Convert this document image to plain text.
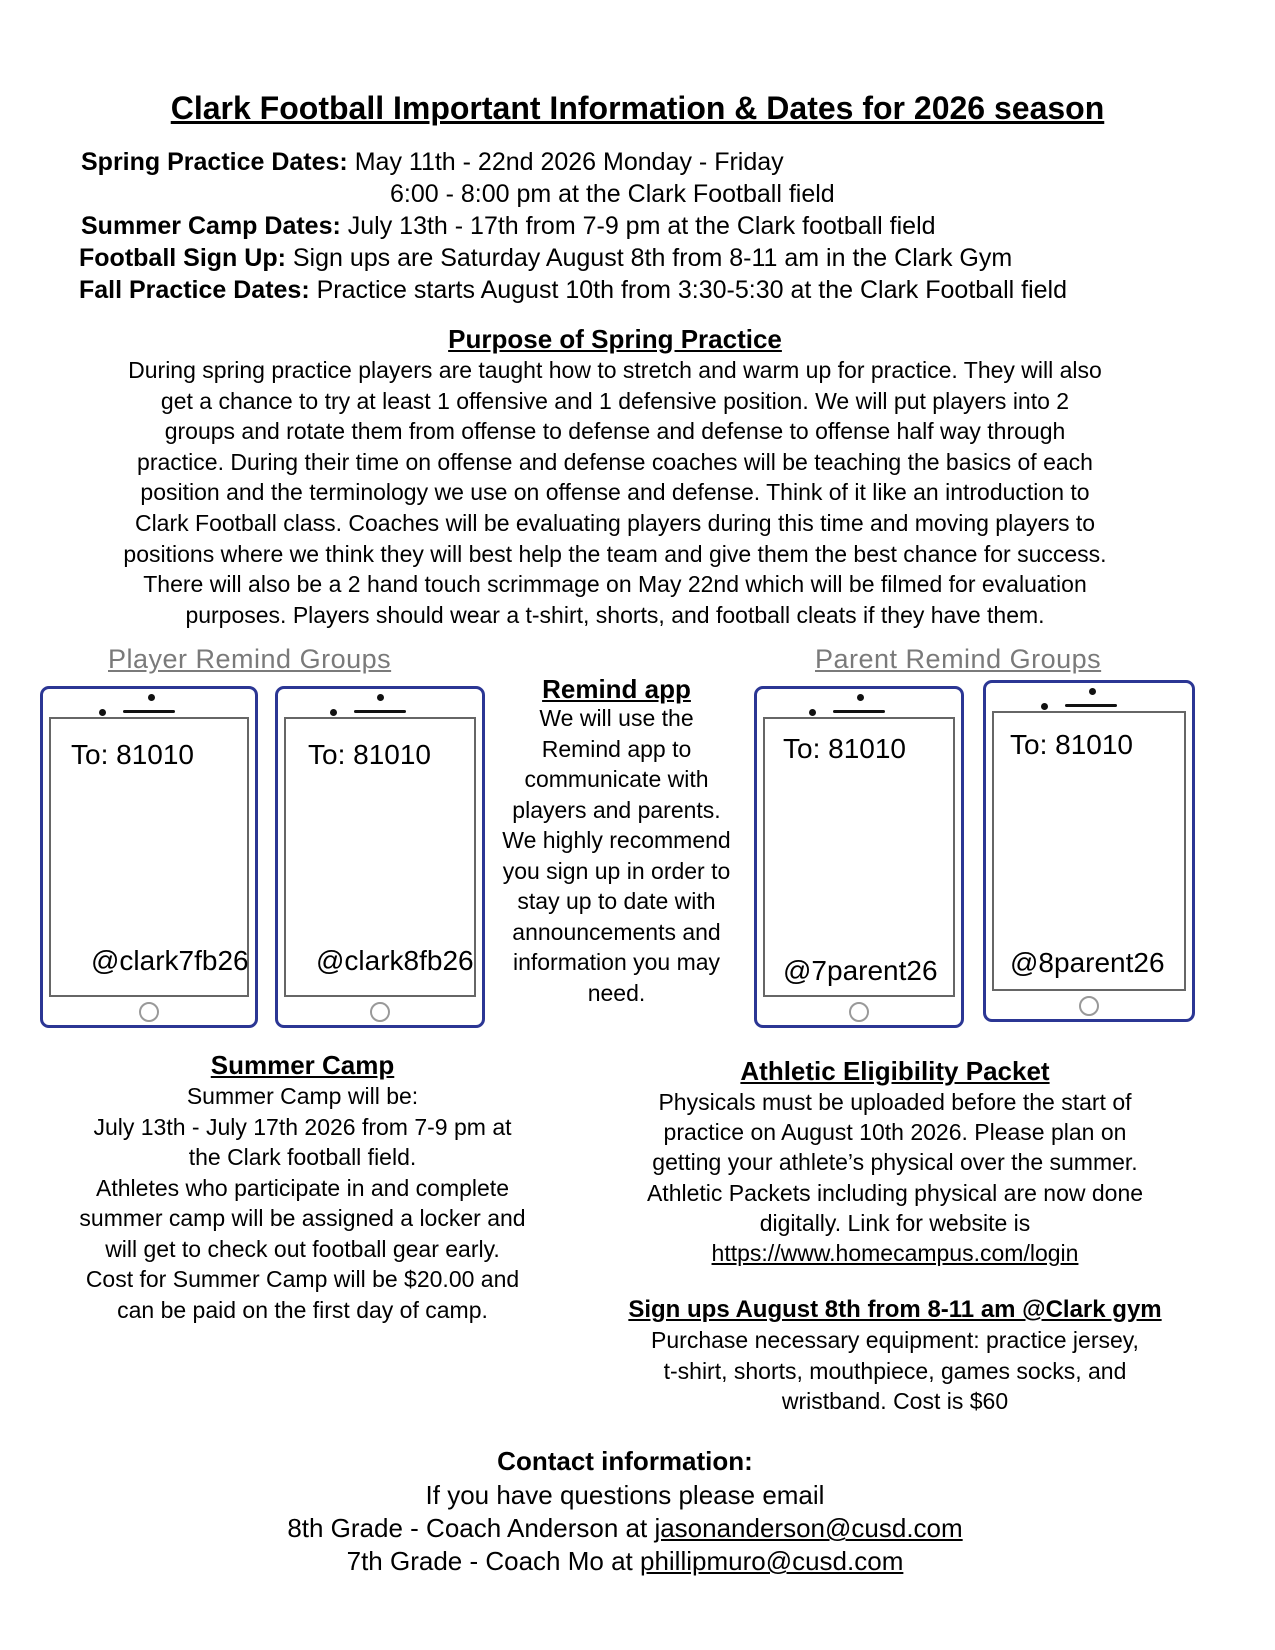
Clark Football Important Information & Dates for 2026 season
Spring Practice Dates: May 11th - 22nd 2026 Monday - Friday
6:00 - 8:00 pm at the Clark Football field
Summer Camp Dates: July 13th - 17th from 7-9 pm at the Clark football field
Football Sign Up: Sign ups are Saturday August 8th from 8-11 am in the Clark Gym
Fall Practice Dates: Practice starts August 10th from 3:30-5:30 at the Clark Football field
Purpose of Spring Practice
During spring practice players are taught how to stretch and warm up for practice. They will also
get a chance to try at least 1 offensive and 1 defensive position. We will put players into 2
groups and rotate them from offense to defense and defense to offense half way through
practice. During their time on offense and defense coaches will be teaching the basics of each
position and the terminology we use on offense and defense. Think of it like an introduction to
Clark Football class. Coaches will be evaluating players during this time and moving players to
positions where we think they will best help the team and give them the best chance for success.
There will also be a 2 hand touch scrimmage on May 22nd which will be filmed for evaluation
purposes. Players should wear a t-shirt, shorts, and football cleats if they have them.
Player Remind Groups	Parent Remind Groups
To: 81010
@clark7fb26
To: 81010
@clark8fb26
Remind app
We will use the
Remind app to
communicate with
players and parents.
We highly recommend
you sign up in order to
stay up to date with
announcements and
information you may
need.
To: 81010
@7parent26
To: 81010
@8parent26
Summer Camp
Summer Camp will be:
July 13th - July 17th 2026 from 7-9 pm at
the Clark football field.
Athletes who participate in and complete
summer camp will be assigned a locker and
will get to check out football gear early.
Cost for Summer Camp will be $20.00 and
can be paid on the first day of camp.
Athletic Eligibility Packet
Physicals must be uploaded before the start of
practice on August 10th 2026. Please plan on
getting your athlete’s physical over the summer.
Athletic Packets including physical are now done
digitally. Link for website is
https://www.homecampus.com/login
Sign ups August 8th from 8-11 am @Clark gym
Purchase necessary equipment: practice jersey,
t-shirt, shorts, mouthpiece, games socks, and
wristband. Cost is $60
Contact information:
If you have questions please email
8th Grade - Coach Anderson at jasonanderson@cusd.com
7th Grade - Coach Mo at phillipmuro@cusd.com
